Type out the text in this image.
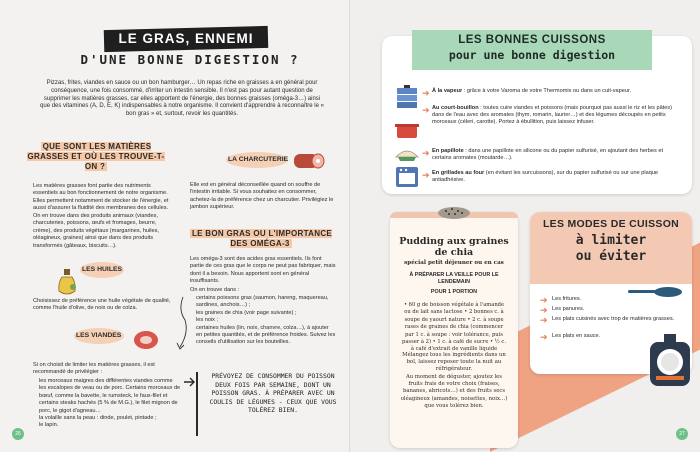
LE GRAS, ENNEMI
D'UNE BONNE DIGESTION ?
Pizzas, frites, viandes en sauce ou un bon hamburger… Un repas riche en graisses a en général pour conséquence, une fois consommé, d'irriter un intestin sensible. Il n'est pas pour autant question de supprimer les matières grasses, car elles apportent de l'énergie, des bonnes graisses (oméga-3…) ainsi que des vitamines (A, D, E, K) indispensables à notre organisme. Il convient d'apprendre à reconnaître le « bon gras » et, surtout, revoir les quantités.
QUE SONT LES MATIÈRES GRASSES ET OÙ LES TROUVE-T-ON ?
Les matières grasses font partie des nutriments essentiels au bon fonctionnement de notre organisme. Elles permettent notamment de stocker de l'énergie, et aussi d'assurer la fluidité des membranes des cellules.
On en trouve dans des produits animaux (viandes, charcuteries, poissons, œufs et fromages, beurre, crème), des produits végétaux (margarines, huiles, oléagineux, graines) ainsi que dans des produits transformés (gâteaux, biscuits…).
LES HUILES
Choisissez de préférence une huile végétale de qualité, comme l'huile d'olive, de noix ou de colza.
LES VIANDES
Si on choisit de limiter les matières grasses, il est recommandé de privilégier :
les morceaux maigres des différentes viandes comme les escalopes de veau ou de porc. Certains morceaux de bœuf, comme la bavette, le rumsteck, le faux-filet et certains steaks hachés (5 % de M.G.), le filet mignon de porc, le gigot d'agneau…
la volaille sans la peau : dinde, poulet, pintade ;
le lapin.
LA CHARCUTERIE
Elle est en général déconseillée quand on souffre de l'intestin irritable. Si vous souhaitez en consommer, achetez-la de préférence chez un charcutier. Privilégiez le jambon supérieur.
LE BON GRAS OU L'IMPORTANCE DES OMÉGA-3
Les oméga-3 sont des acides gras essentiels. Ils font partie de ces gras que le corps ne peut pas fabriquer, mais dont il a besoin. Nous apportent sont en général insuffisants.
On en trouve dans :
certains poissons gras (saumon, hareng, maquereau, sardines, anchois…) ;
les graines de chia (voir page suivante) ;
les noix ;
certaines huiles (lin, noix, chanvre, colza…), à ajouter en petites quantités, et de préférence froides. Suivez les conseils d'utilisation sur les bouteilles.
PRÉVOYEZ DE CONSOMMER DU POISSON DEUX FOIS PAR SEMAINE, DONT UN POISSON GRAS. À PRÉPARER AVEC UN COULIS DE LÉGUMES - CEUX QUE VOUS TOLÉREZ BIEN.
26
LES BONNES CUISSONS
pour une bonne digestion
➔ À la vapeur : grâce à votre Varoma de votre Thermomix ou dans un cuit-vapeur.
➔ Au court-bouillon : toutes cuire viandes et poissons (mais pourquoi pas aussi le riz et les pâtes) dans de l'eau avec des aromates (thym, romarin, laurier…) et des légumes découpés en petits morceaux (céleri, carotte). Portez à ébullition, puis laissez infuser.
➔ En papillote : dans une papillote en silicone ou du papier sulfurisé, en ajoutant des herbes et certains aromates (moutarde…).
➔ En grillades au four (en évitant les surcuissons), sur du papier sulfurisé ou sur une plaque antiadhésive.
Pudding aux graines de chia
spécial petit déjeuner ou en cas
À PRÉPARER LA VEILLE POUR LE LENDEMAIN
POUR 1 PORTION
• 60 g de boisson végétale à l'amande ou de lait sans lactose • 2 bonnes c. à soupe de yaourt nature • 2 c. à soupe rases de graines de chia (commencer par 1 c. à soupe : voir tolérance, puis passer à 2) • 1 c. à café de sucre • ½ c. à café d'extrait de vanille liquide
Mélangez tous les ingrédients dans un bol, laissez reposer toute la nuit au réfrigérateur.
Au moment de déguster, ajoutez les fruits frais de votre choix (fraises, bananes, abricots…) et des fruits secs oléagineux (amandes, noisettes, noix…) que vous tolérez bien.
LES MODES DE CUISSON
à limiter
ou éviter
➔ Les fritures.
➔ Les panures.
➔ Les plats cuisinés avec trop de matières grasses.
➔ Les plats en sauce.
27
